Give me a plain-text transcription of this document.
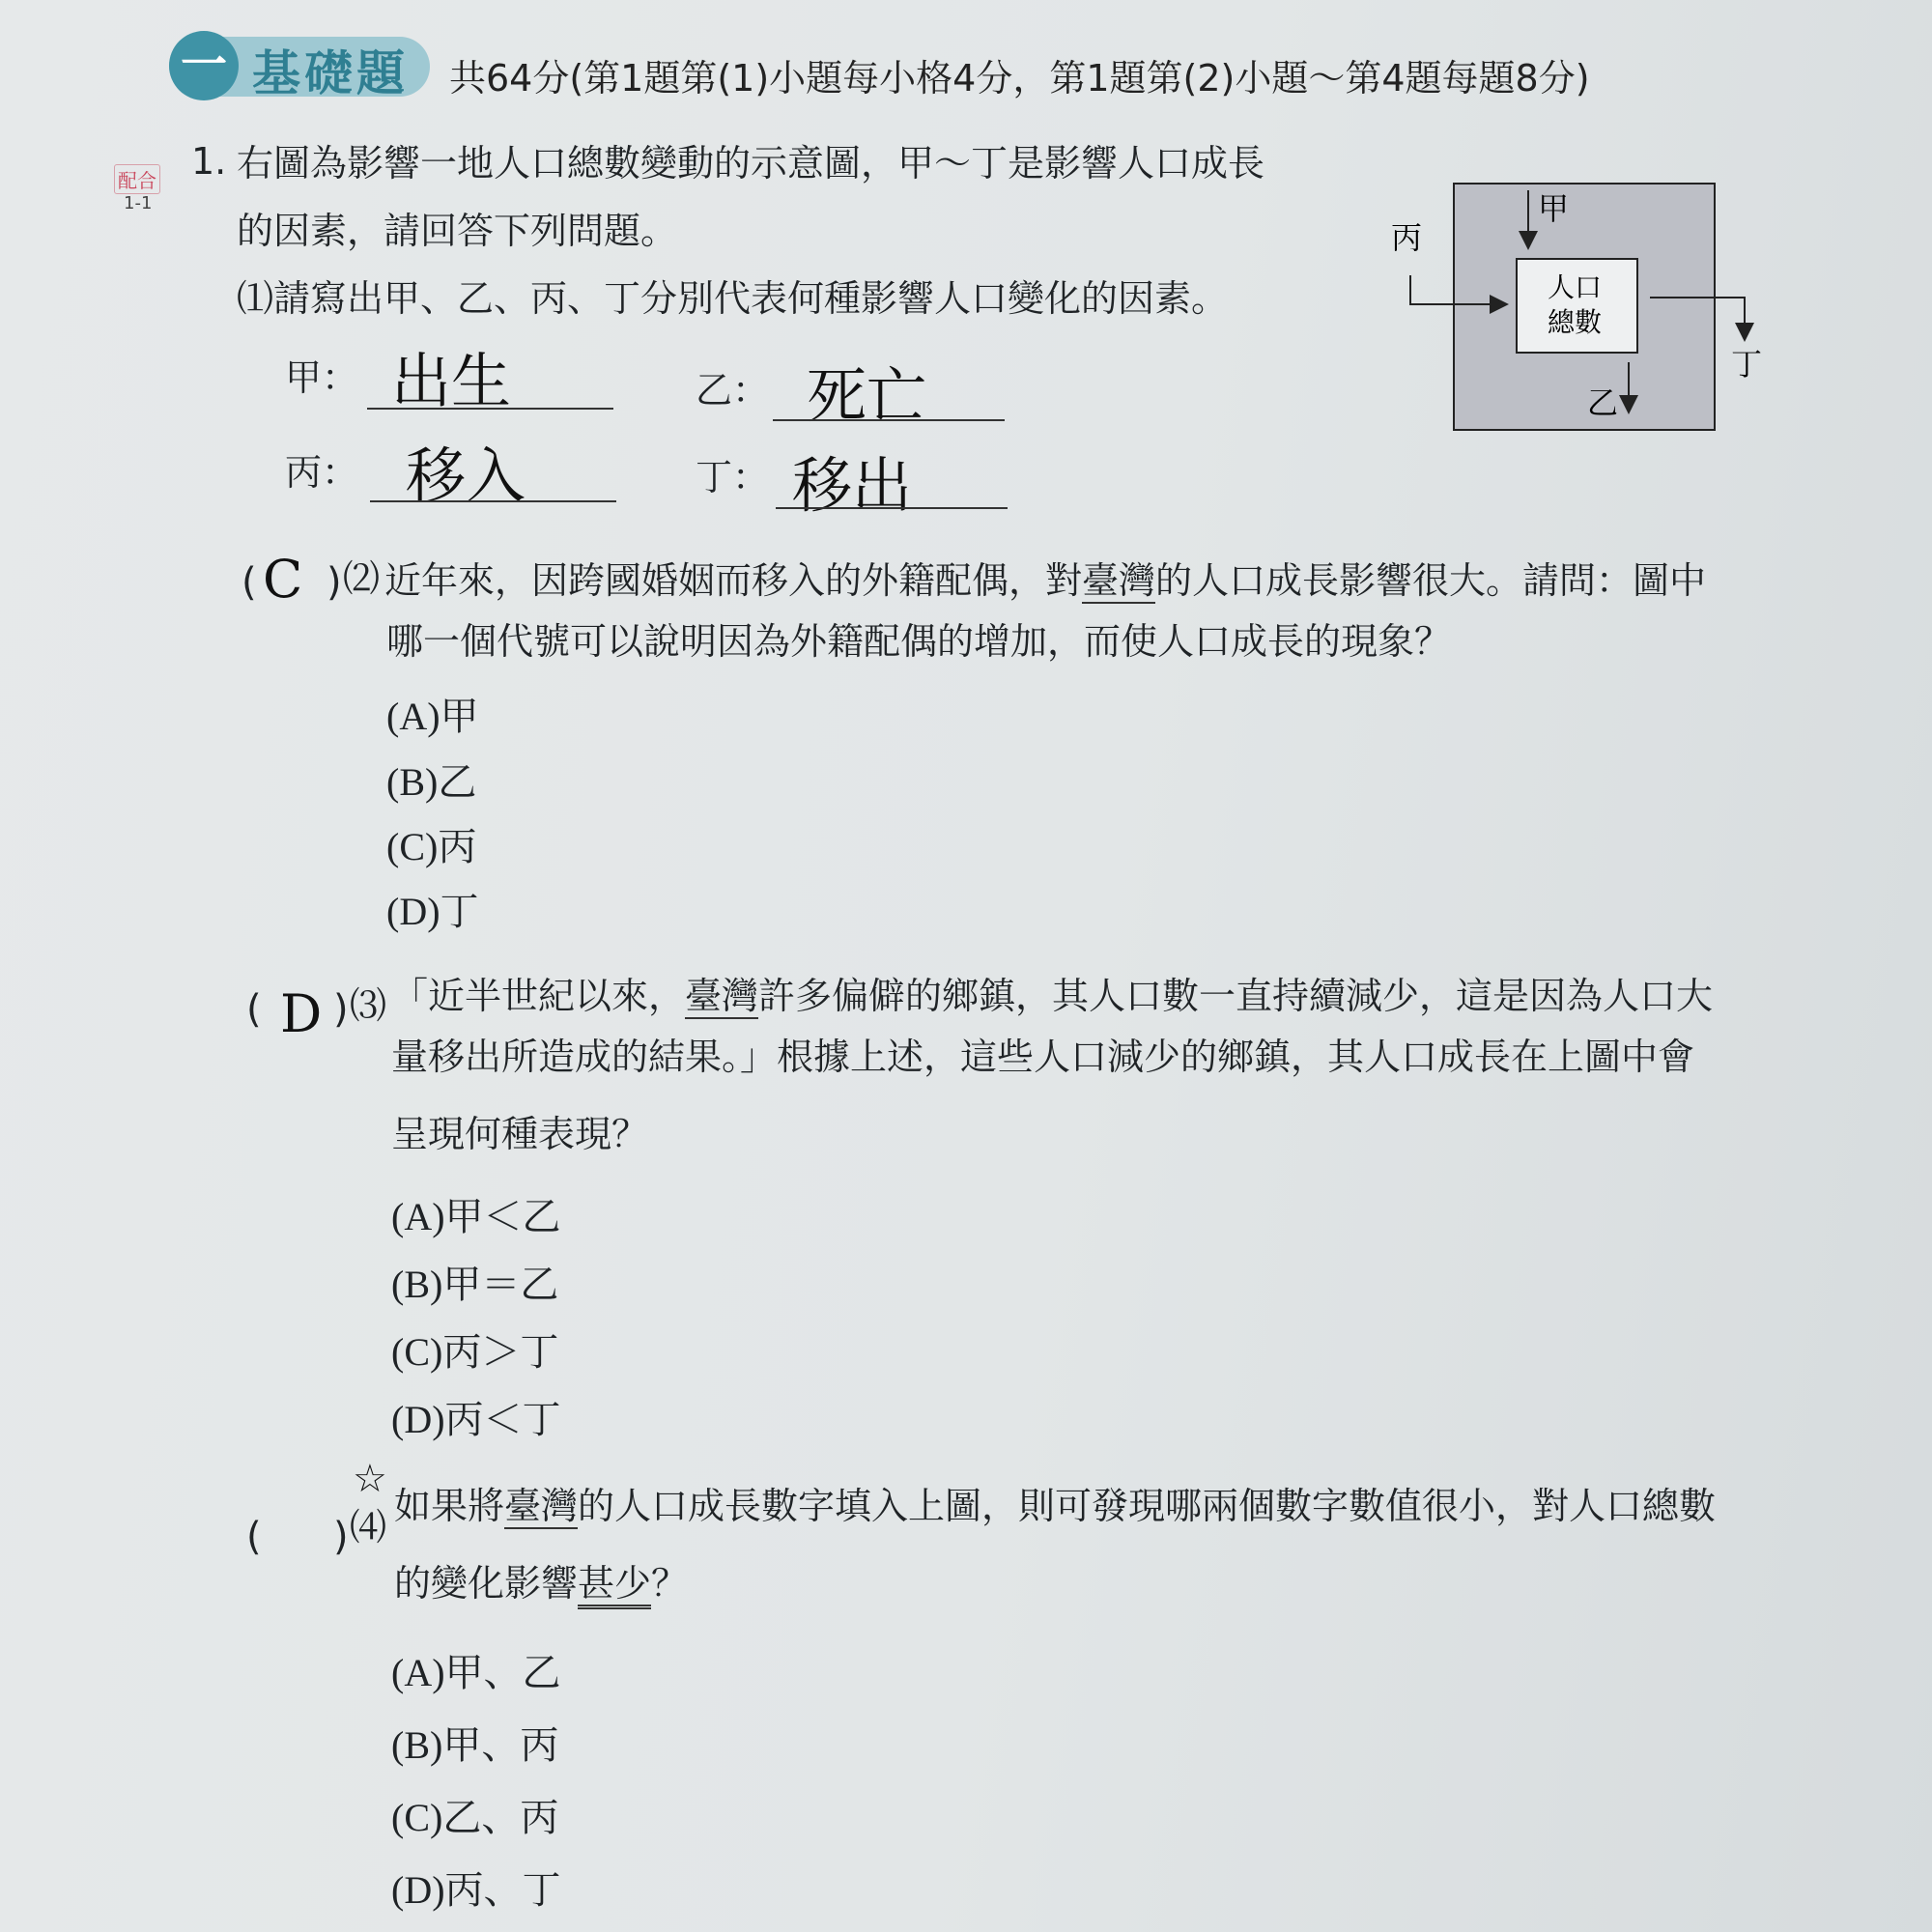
一 基礎題 共64分(第1題第(1)小題每小格4分，第1題第(2)小題～第4題每題8分)
配合
1-1
1. 右圖為影響一地人口總數變動的示意圖，甲～丁是影響人口成長
的因素，請回答下列問題。
甲
丙
丁
乙
人口
總數
⑴請寫出甲、乙、丙、丁分別代表何種影響人口變化的因素。
甲： 出生	乙： 死亡
丙： 移入	丁： 移出
( C ) ⑵ 近年來，因跨國婚姻而移入的外籍配偶，對臺灣的人口成長影響很大。請問：圖中
哪一個代號可以說明因為外籍配偶的增加，而使人口成長的現象？
(A)甲
(B)乙
(C)丙
(D)丁
( D ) ⑶ 「近半世紀以來，臺灣許多偏僻的鄉鎮，其人口數一直持續減少，這是因為人口大
量移出所造成的結果。」根據上述，這些人口減少的鄉鎮，其人口成長在上圖中會
呈現何種表現？
(A)甲＜乙
(B)甲＝乙
(C)丙＞丁
(D)丙＜丁
☆
( ) ⑷ 如果將臺灣的人口成長數字填入上圖，則可發現哪兩個數字數值很小，對人口總數
的變化影響甚少？
(A)甲、乙
(B)甲、丙
(C)乙、丙
(D)丙、丁
